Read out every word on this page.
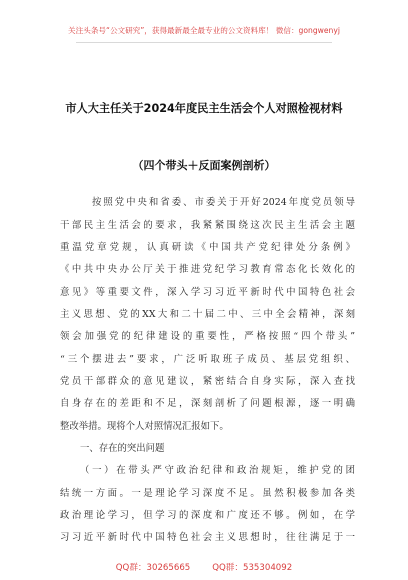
关注头条号“公文研究”，获得最新最全最专业的公文资料库！ 微信：gongwenyj
市人大主任关于2024年度民主生活会个人对照检视材料
（四个带头＋反面案例剖析）
按照党中央和省委、市委关于开好2024年度党员领导
干部民主生活会的要求，我紧紧围绕这次民主生活会主题
重温党章党规，认真研读《中国共产党纪律处分条例》
《中共中央办公厅关于推进党纪学习教育常态化长效化的
意见》等重要文件，深入学习习近平新时代中国特色社会
主义思想、党的XX大和二十届二中、三中全会精神，深刻
领会加强党的纪律建设的重要性，严格按照“四个带头”
“三个摆进去”要求，广泛听取班子成员、基层党组织、
党员干部群众的意见建议，紧密结合自身实际，深入查找
自身存在的差距和不足，深刻剖析了问题根源，逐一明确
整改举措。现将个人对照情况汇报如下。
一、存在的突出问题
（一）在带头严守政治纪律和政治规矩，维护党的团
结统一方面。一是理论学习深度不足。虽然积极参加各类
政治理论学习，但学习的深度和广度还不够。例如，在学
习习近平新时代中国特色社会主义思想时，往往满足于一
QQ群：30265665	QQ群：535304092
